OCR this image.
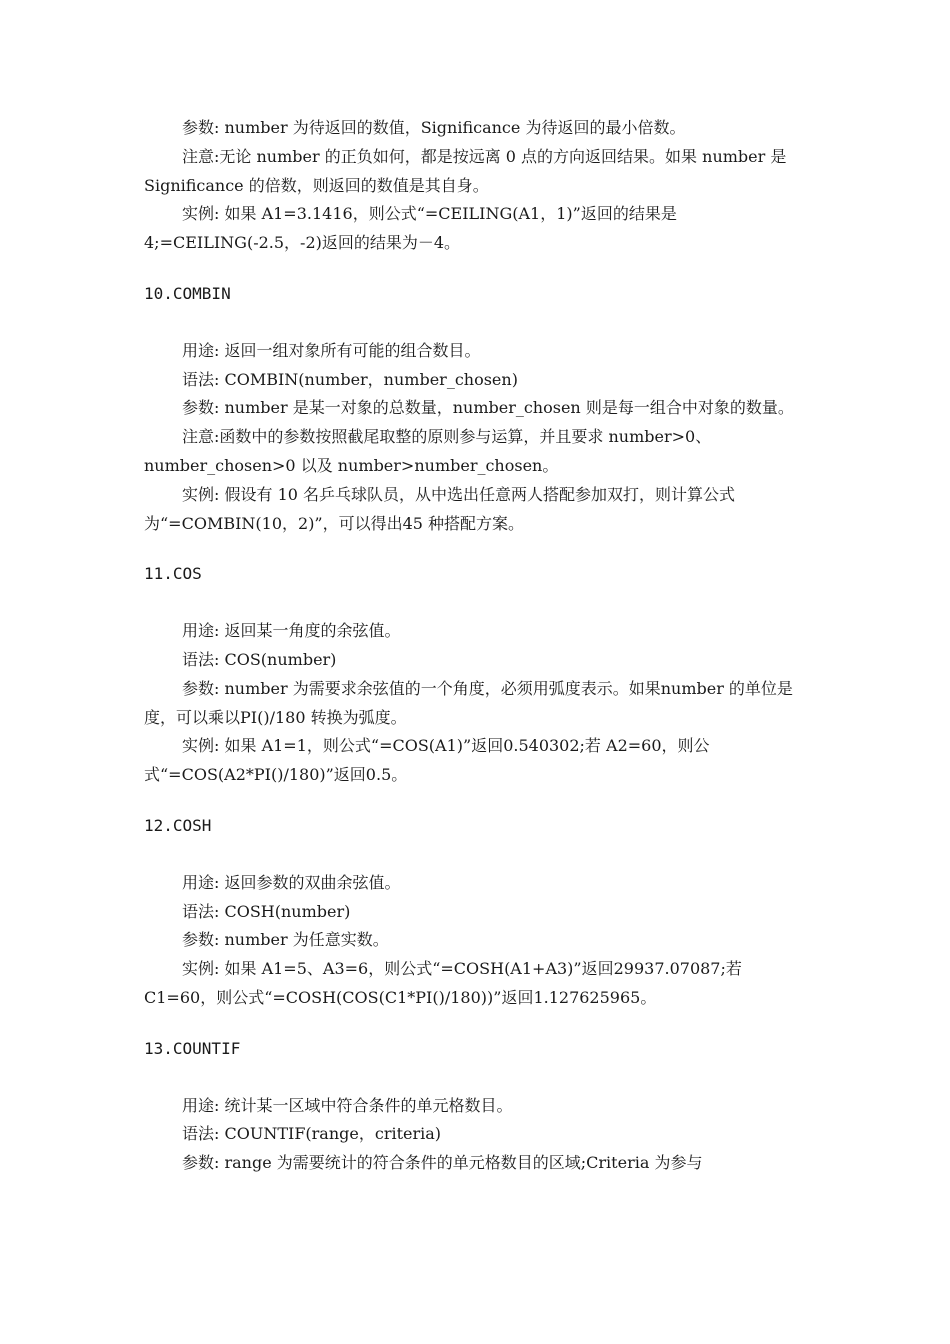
参数: number 为待返回的数值，Significance 为待返回的最小倍数。

注意:无论 number 的正负如何，都是按远离 0 点的方向返回结果。如果 number 是 Significance 的倍数，则返回的数值是其自身。

实例: 如果 A1=3.1416，则公式“=CEILING(A1，1)”返回的结果是 4;=CEILING(-2.5，-2)返回的结果为－4。

10.COMBIN

用途: 返回一组对象所有可能的组合数目。

语法: COMBIN(number，number_chosen)

参数: number 是某一对象的总数量，number_chosen 则是每一组合中对象的数量。

注意:函数中的参数按照截尾取整的原则参与运算，并且要求 number>0、number_chosen>0 以及 number>number_chosen。

实例: 假设有 10 名乒乓球队员，从中选出任意两人搭配参加双打，则计算公式为“=COMBIN(10，2)”，可以得出45 种搭配方案。

11.COS

用途: 返回某一角度的余弦值。

语法: COS(number)

参数: number 为需要求余弦值的一个角度，必须用弧度表示。如果number 的单位是度，可以乘以PI()/180 转换为弧度。

实例: 如果 A1=1，则公式“=COS(A1)”返回0.540302;若 A2=60，则公式“=COS(A2*PI()/180)”返回0.5。

12.COSH

用途: 返回参数的双曲余弦值。

语法: COSH(number)

参数: number 为任意实数。

实例: 如果 A1=5、A3=6，则公式“=COSH(A1+A3)”返回29937.07087;若 C1=60，则公式“=COSH(COS(C1*PI()/180))”返回1.127625965。

13.COUNTIF

用途: 统计某一区域中符合条件的单元格数目。

语法: COUNTIF(range，criteria)

参数: range 为需要统计的符合条件的单元格数目的区域;Criteria 为参与
